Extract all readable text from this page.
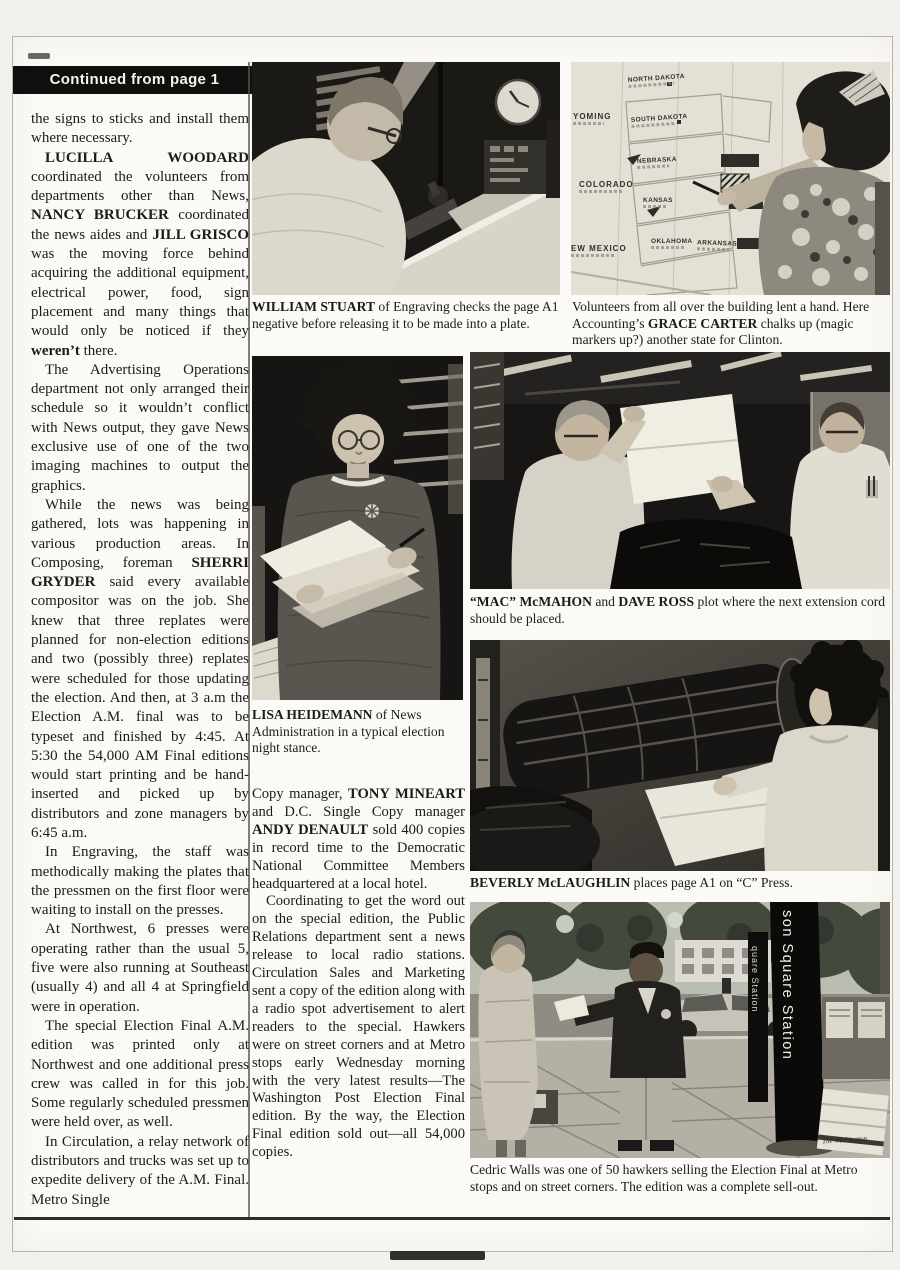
Continued from page 1

the signs to sticks and install them where necessary.

LUCILLA WOODARD coordinated the volunteers from departments other than News, NANCY BRUCKER coordinated the news aides and JILL GRISCO was the moving force behind acquiring the additional equipment, electrical power, food, sign placement and many things that would only be noticed if they weren’t there.

The Advertising Operations department not only arranged their schedule so it wouldn’t conflict with News output, they gave News exclusive use of one of the two imaging machines to output the graphics.

While the news was being gathered, lots was happening in various production areas. In Composing, foreman SHERRI GRYDER said every available compositor was on the job. She knew that three replates were planned for non-election editions and two (possibly three) replates were scheduled for those updating the election. And then, at 3 a.m the Election A.M. final was to be typeset and finished by 4:45. At 5:30 the 54,000 AM Final editions would start printing and be hand-inserted and picked up by distributors and zone managers by 6:45 a.m.

In Engraving, the staff was methodically making the plates that the pressmen on the first floor were waiting to install on the presses.

At Northwest, 6 presses were operating rather than the usual 5, five were also running at Southeast (usually 4) and all 4 at Springfield were in operation.

The special Election Final A.M. edition was printed only at Northwest and one additional press crew was called in for this job. Some regularly scheduled pressmen were held over, as well.

In Circulation, a relay network of distributors and trucks was set up to expedite delivery of the A.M. Final. Metro Single

Copy manager, TONY MINEART and D.C. Single Copy manager ANDY DENAULT sold 400 copies in record time to the Democratic National Committee Members headquartered at a local hotel.

Coordinating to get the word out on the special edition, the Public Relations department sent a news release to local radio stations. Circulation Sales and Marketing sent a copy of the edition along with a radio spot advertisement to alert readers to the special. Hawkers were on street corners and at Metro stops early Wednesday morning with the very latest results—The Washington Post Election Final edition. By the way, the Election Final edition sold out—all 54,000 copies.

WILLIAM STUART of Engraving checks the page A1 negative before releasing it to be made into a plate.
YOMING
COLORADO
EW MEXICO
NORTH DAKOTA
SOUTH DAKOTA
NEBRASKA
KANSAS
OKLAHOMA ARKANSAS
Volunteers from all over the building lent a hand. Here Accounting’s GRACE CARTER chalks up (magic markers up?) another state for Clinton.
LISA HEIDEMANN of News Administration in a typical election night stance.
“MAC” McMAHON and DAVE ROSS plot where the next extension cord should be placed.
BEVERLY McLAUGHLIN places page A1 on “C” Press.
son Square Station
quare Station
The Washington
Cedric Walls was one of 50 hawkers selling the Election Final at Metro stops and on street corners. The edition was a complete sell-out.
